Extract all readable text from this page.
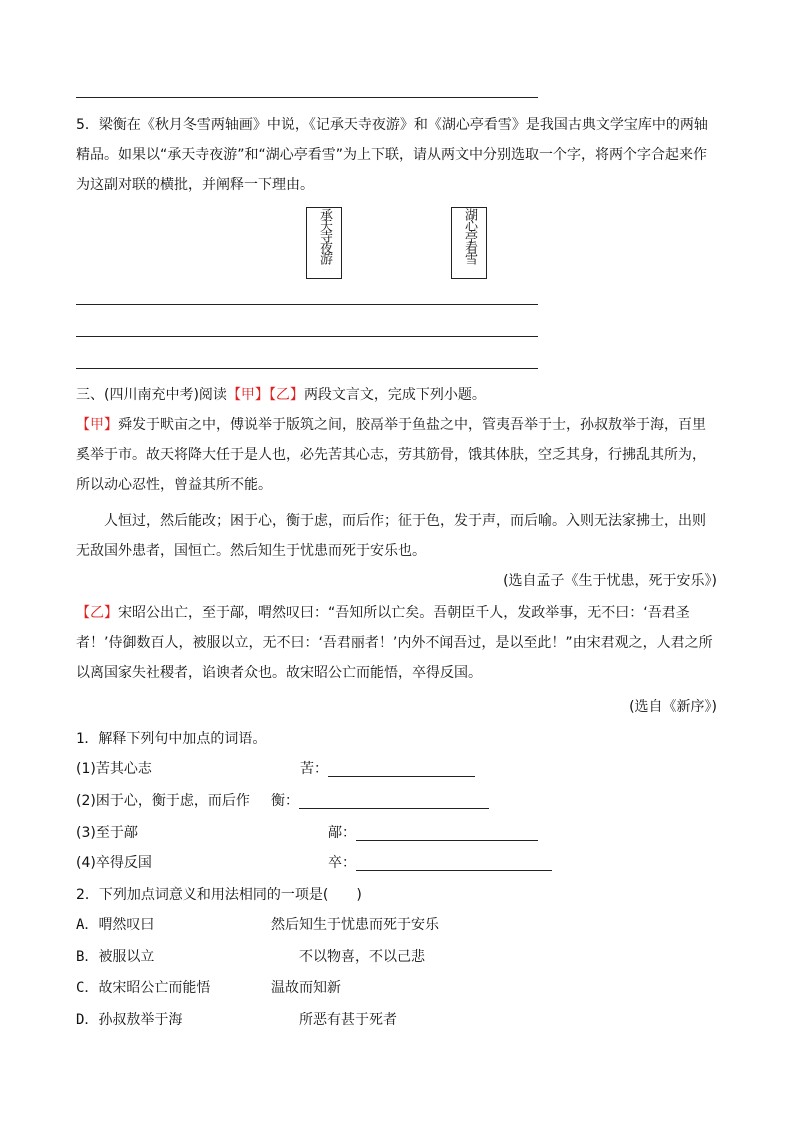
5．梁衡在《秋月冬雪两轴画》中说，《记承天寺夜游》和《湖心亭看雪》是我国古典文学宝库中的两轴精品。如果以“承天寺夜游”和“湖心亭看雪”为上下联，请从两文中分别选取一个字，将两个字合起来作为这副对联的横批，并阐释一下理由。
承天寺夜游	湖心亭看雪
三、(四川南充中考)阅读【甲】【乙】两段文言文，完成下列小题。
【甲】舜发于畎亩之中，傅说举于版筑之间，胶鬲举于鱼盐之中，管夷吾举于士，孙叔敖举于海，百里奚举于市。故天将降大任于是人也，必先苦其心志，劳其筋骨，饿其体肤，空乏其身，行拂乱其所为，所以动心忍性，曾益其所不能。
人恒过，然后能改；困于心，衡于虑，而后作；征于色，发于声，而后喻。入则无法家拂士，出则无敌国外患者，国恒亡。然后知生于忧患而死于安乐也。
(选自孟子《生于忧患，死于安乐》)
【乙】宋昭公出亡，至于鄗，喟然叹曰：“吾知所以亡矣。吾朝臣千人，发政举事，无不曰：‘吾君圣者！’侍御数百人，被服以立，无不曰：‘吾君丽者！’内外不闻吾过，是以至此！”由宋君观之，人君之所以离国家失社稷者，谄谀者众也。故宋昭公亡而能悟，卒得反国。
(选自《新序》)
1．解释下列句中加点的词语。
(1)苦其心志	苦：
(2)困于心，衡于虑，而后作 衡：
(3)至于鄗	鄗：
(4)卒得反国	卒：
2．下列加点词意义和用法相同的一项是(　　)
A．喟然叹曰	然后知生于忧患而死于安乐
B．被服以立	不以物喜，不以己悲
C．故宋昭公亡而能悟	温故而知新
D．孙叔敖举于海	所恶有甚于死者
